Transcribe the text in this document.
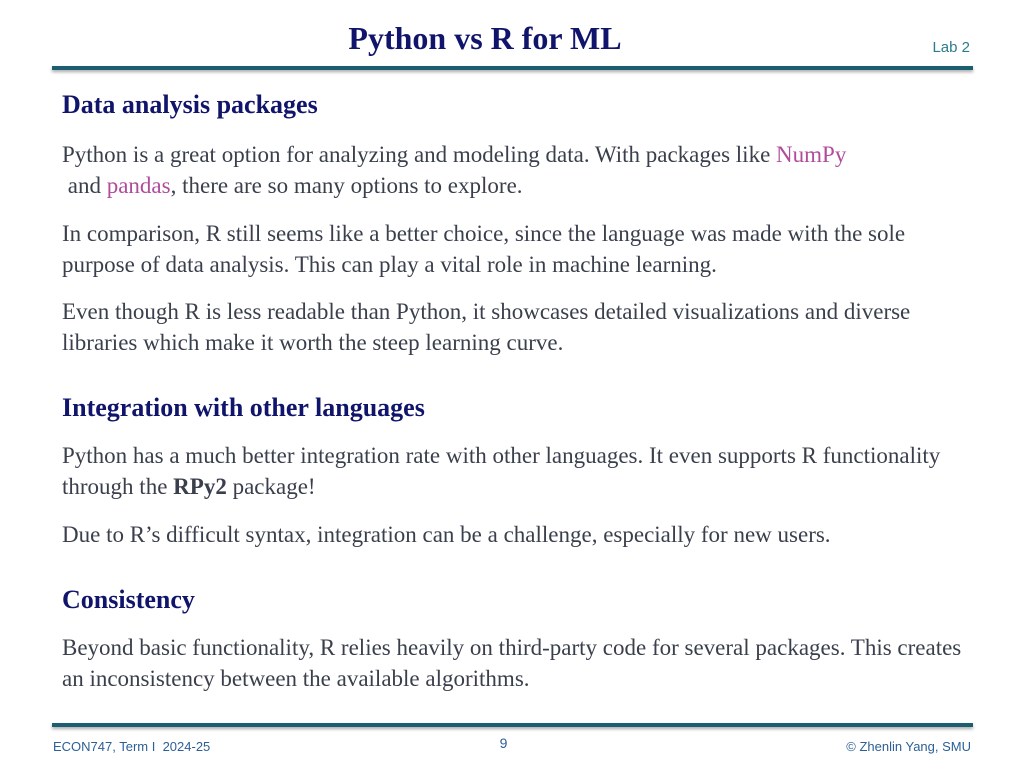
Python vs R for ML	Lab 2
Data analysis packages

Python is a great option for analyzing and modeling data. With packages like NumPy
and pandas, there are so many options to explore.

In comparison, R still seems like a better choice, since the language was made with the sole purpose of data analysis. This can play a vital role in machine learning.

Even though R is less readable than Python, it showcases detailed visualizations and diverse libraries which make it worth the steep learning curve.

Integration with other languages

Python has a much better integration rate with other languages. It even supports R functionality through the RPy2 package!

Due to R’s difficult syntax, integration can be a challenge, especially for new users.

Consistency

Beyond basic functionality, R relies heavily on third-party code for several packages. This creates an inconsistency between the available algorithms.

ECON747, Term I  2024-25	9	© Zhenlin Yang, SMU
